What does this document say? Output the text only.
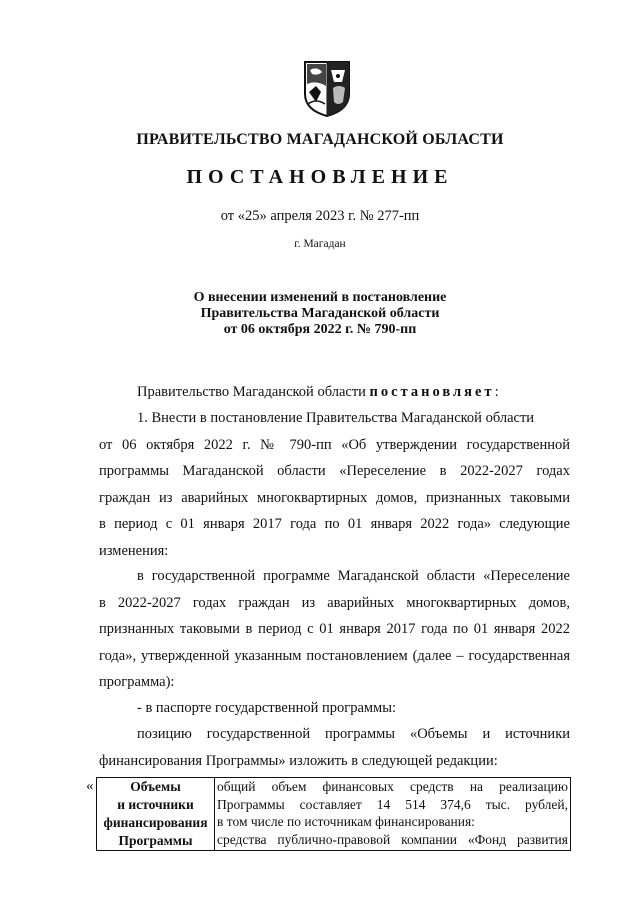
ПРАВИТЕЛЬСТВО МАГАДАНСКОЙ ОБЛАСТИ
ПОСТАНОВЛЕНИЕ
от «25» апреля 2023 г. № 277-пп
г. Магадан
О внесении изменений в постановление
Правительства Магаданской области
от 06 октября 2022 г. № 790-пп
Правительство Магаданской области постановляет:
1. Внести в постановление Правительства Магаданской области
от 06 октября 2022 г. № 790-пп «Об утверждении государственной
программы Магаданской области «Переселение в 2022-2027 годах
граждан из аварийных многоквартирных домов, признанных таковыми
в период с 01 января 2017 года по 01 января 2022 года» следующие
изменения:
в государственной программе Магаданской области «Переселение
в 2022-2027 годах граждан из аварийных многоквартирных домов,
признанных таковыми в период с 01 января 2017 года по 01 января 2022
года», утвержденной указанным постановлением (далее – государственная
программа):
- в паспорте государственной программы:
позицию государственной программы «Объемы и источники
финансирования Программы» изложить в следующей редакции:
«	Объемы
и источники
финансирования
Программы

общий объем финансовых средств на реализацию
Программы составляет 14 514 374,6 тыс. рублей,
в том числе по источникам финансирования:
средства публично-правовой компании «Фонд развития
